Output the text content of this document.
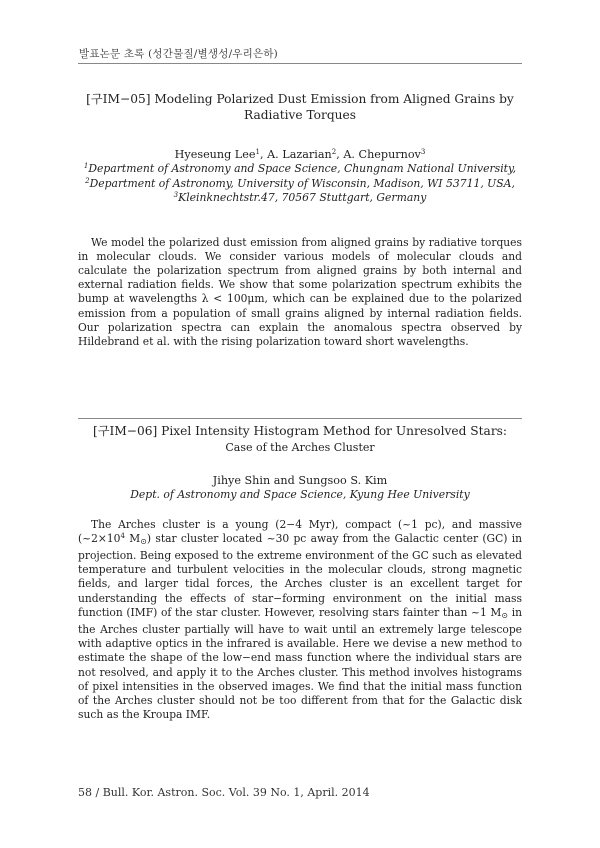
발표논문 초록 (성간물질/별생성/우리은하)
[구IM−05] Modeling Polarized Dust Emission from Aligned Grains by
Radiative Torques
Hyeseung Lee$^1$, A. Lazarian$^2$, A. Chepurnov$^3$
$^1$Department of Astronomy and Space Science, Chungnam National University,
$^2$Department of Astronomy, University of Wisconsin, Madison, WI 53711, USA,
$^3$Kleinknechtstr.47, 70567 Stuttgart, Germany

We model the polarized dust emission from aligned grains by radiative torques in molecular clouds. We consider various models of molecular clouds and calculate the polarization spectrum from aligned grains by both internal and external radiation fields. We show that some polarization spectrum exhibits the bump at wavelengths λ < 100μm, which can be explained due to the polarized emission from a population of small grains aligned by internal radiation fields. Our polarization spectra can explain the anomalous spectra observed by Hildebrand et al. with the rising polarization toward short wavelengths.

[구IM−06] Pixel Intensity Histogram Method for Unresolved Stars:
Case of the Arches Cluster
Jihye Shin and Sungsoo S. Kim
Dept. of Astronomy and Space Science, Kyung Hee University

The Arches cluster is a young (2−4 Myr), compact (~1 pc), and massive ($\sim 2\times 10^4$ M⊙) star cluster located ~30 pc away from the Galactic center (GC) in projection. Being exposed to the extreme environment of the GC such as elevated temperature and turbulent velocities in the molecular clouds, strong magnetic fields, and larger tidal forces, the Arches cluster is an excellent target for understanding the effects of star−forming environment on the initial mass function (IMF) of the star cluster. However, resolving stars fainter than ~1 M⊙ in the Arches cluster partially will have to wait until an extremely large telescope with adaptive optics in the infrared is available. Here we devise a new method to estimate the shape of the low−end mass function where the individual stars are not resolved, and apply it to the Arches cluster. This method involves histograms of pixel intensities in the observed images. We find that the initial mass function of the Arches cluster should not be too different from that for the Galactic disk such as the Kroupa IMF.

58 / Bull. Kor. Astron. Soc. Vol. 39 No. 1, April. 2014
